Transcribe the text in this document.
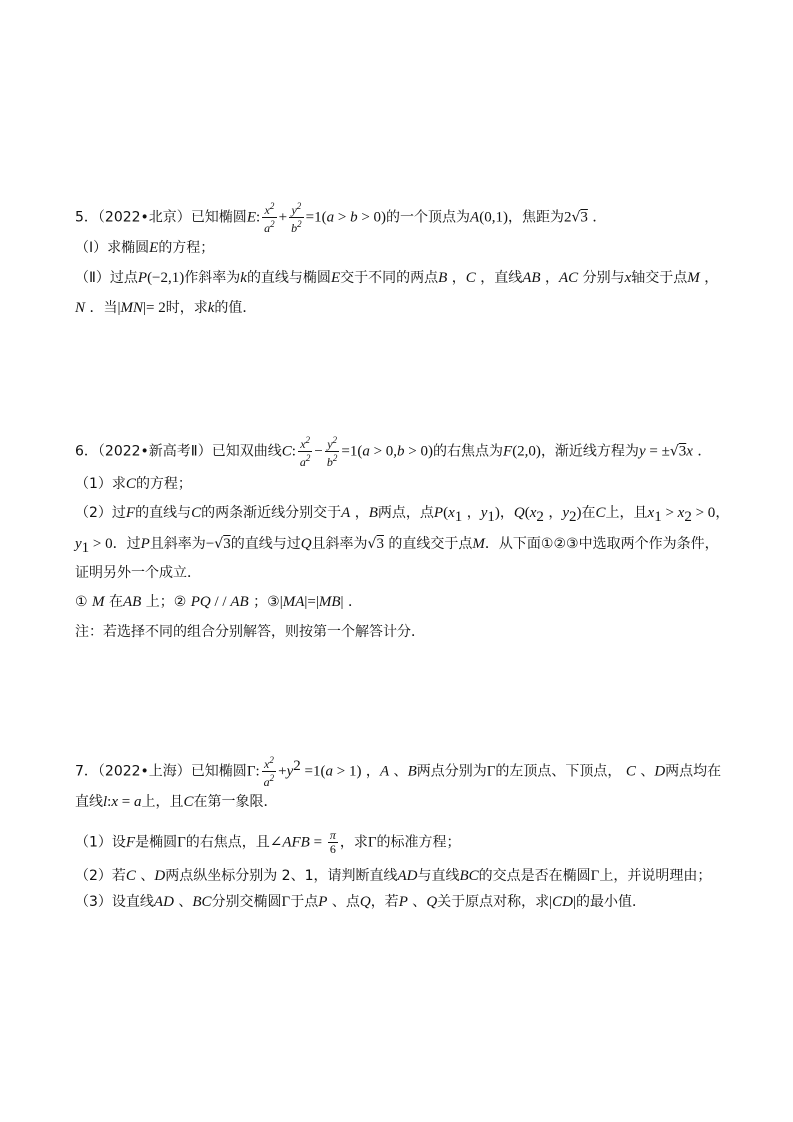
5．（2022•北京）已知椭圆E: $\frac{x^2}{a^2} + \frac{y^2}{b^2} =1(a > b > 0)$的一个顶点为A(0,1)，焦距为2√3 ．
（Ⅰ）求椭圆E的方程；
（Ⅱ）过点P(−2,1)作斜率为k的直线与椭圆E交于不同的两点B ，C ，直线AB ，AC 分别与x轴交于点M ，
N ．当|MN|= 2时，求k的值．
6．（2022•新高考Ⅱ）已知双曲线C: $\frac{x^2}{a^2} - \frac{y^2}{b^2} =1(a > 0,b > 0)$的右焦点为F(2,0)，渐近线方程为y = ±√3x ．
（1）求C的方程；
（2）过F的直线与C的两条渐近线分别交于A ，B两点，点$P(x_1$ ，$y_1$)，$Q(x_2$ ，$y_2$)在C上，且$x_1 > x_2 > 0$，
$y_1 > 0$．过P且斜率为−√3的直线与过Q且斜率为√3 的直线交于点M．从下面①②③中选取两个作为条件，
证明另外一个成立．
① M 在AB 上；② PQ / / AB ；③|MA|=|MB| ．
注：若选择不同的组合分别解答，则按第一个解答计分．
7．（2022•上海）已知椭圆Γ: $\frac{x^2}{a^2} +y^2 =1(a > 1)$ ，A 、B两点分别为Γ的左顶点、下顶点， C 、D两点均在
直线l:x = a上，且C在第一象限．
（1）设F是椭圆Γ的右焦点，且∠AFB = $\frac{\pi}{6}$ ，求Γ的标准方程；
（2）若C 、D两点纵坐标分别为 2、1，请判断直线AD与直线BC的交点是否在椭圆Γ上，并说明理由；
（3）设直线AD 、BC分别交椭圆Γ于点P 、点Q，若P 、Q关于原点对称，求|CD|的最小值．
